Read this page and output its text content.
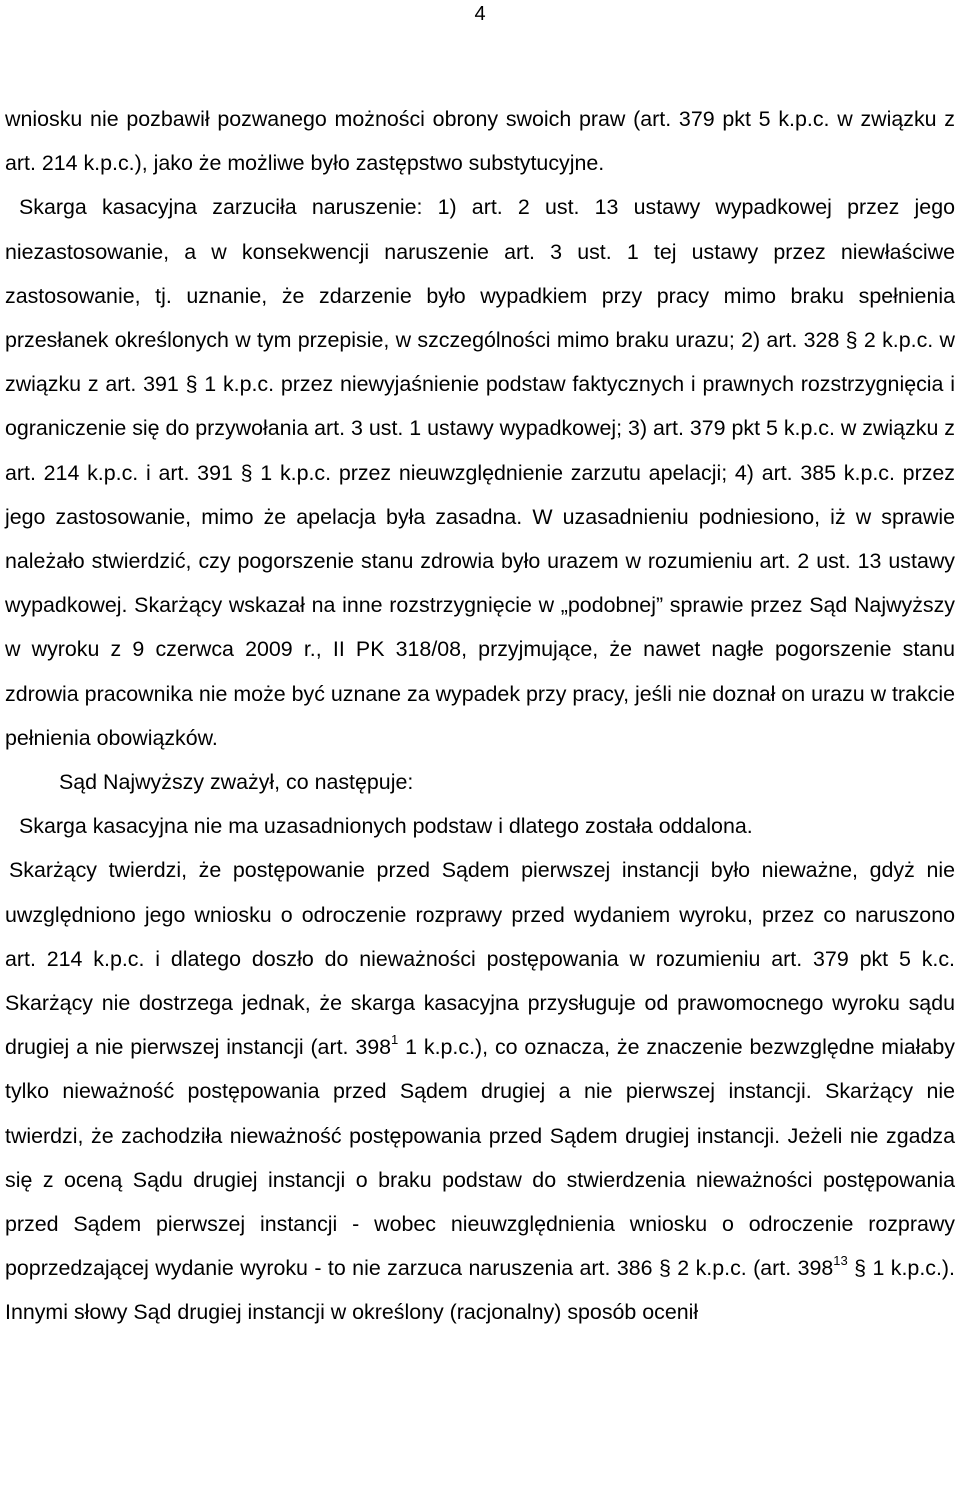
4

wniosku nie pozbawił pozwanego możności obrony swoich praw (art. 379 pkt 5 k.p.c. w związku z art. 214 k.p.c.), jako że możliwe było zastępstwo substytucyjne.

Skarga kasacyjna zarzuciła naruszenie: 1) art. 2 ust. 13 ustawy wypadkowej przez jego niezastosowanie, a w konsekwencji naruszenie art. 3 ust. 1 tej ustawy przez niewłaściwe zastosowanie, tj. uznanie, że zdarzenie było wypadkiem przy pracy mimo braku spełnienia przesłanek określonych w tym przepisie, w szczególności mimo braku urazu; 2) art. 328 § 2 k.p.c. w związku z art. 391 § 1 k.p.c. przez niewyjaśnienie podstaw faktycznych i prawnych rozstrzygnięcia i ograniczenie się do przywołania art. 3 ust. 1 ustawy wypadkowej; 3) art. 379 pkt 5 k.p.c. w związku z art. 214 k.p.c. i art. 391 § 1 k.p.c. przez nieuwzględnienie zarzutu apelacji; 4) art. 385 k.p.c. przez jego zastosowanie, mimo że apelacja była zasadna. W uzasadnieniu podniesiono, iż w sprawie należało stwierdzić, czy pogorszenie stanu zdrowia było urazem w rozumieniu art. 2 ust. 13 ustawy wypadkowej. Skarżący wskazał na inne rozstrzygnięcie w „podobnej” sprawie przez Sąd Najwyższy w wyroku z 9 czerwca 2009 r., II PK 318/08, przyjmujące, że nawet nagłe pogorszenie stanu zdrowia pracownika nie może być uznane za wypadek przy pracy, jeśli nie doznał on urazu w trakcie pełnienia obowiązków.

Sąd Najwyższy zważył, co następuje:

Skarga kasacyjna nie ma uzasadnionych podstaw i dlatego została oddalona.

Skarżący twierdzi, że postępowanie przed Sądem pierwszej instancji było nieważne, gdyż nie uwzględniono jego wniosku o odroczenie rozprawy przed wydaniem wyroku, przez co naruszono art. 214 k.p.c. i dlatego doszło do nieważności postępowania w rozumieniu art. 379 pkt 5 k.c. Skarżący nie dostrzega jednak, że skarga kasacyjna przysługuje od prawomocnego wyroku sądu drugiej a nie pierwszej instancji (art. $398^1$ 1 k.p.c.), co oznacza, że znaczenie bezwzględne miałaby tylko nieważność postępowania przed Sądem drugiej a nie pierwszej instancji. Skarżący nie twierdzi, że zachodziła nieważność postępowania przed Sądem drugiej instancji. Jeżeli nie zgadza się z oceną Sądu drugiej instancji o braku podstaw do stwierdzenia nieważności postępowania przed Sądem pierwszej instancji - wobec nieuwzględnienia wniosku o odroczenie rozprawy poprzedzającej wydanie wyroku - to nie zarzuca naruszenia art. 386 § 2 k.p.c. (art. $398^{13}$ § 1 k.p.c.). Innymi słowy Sąd drugiej instancji w określony (racjonalny) sposób ocenił
